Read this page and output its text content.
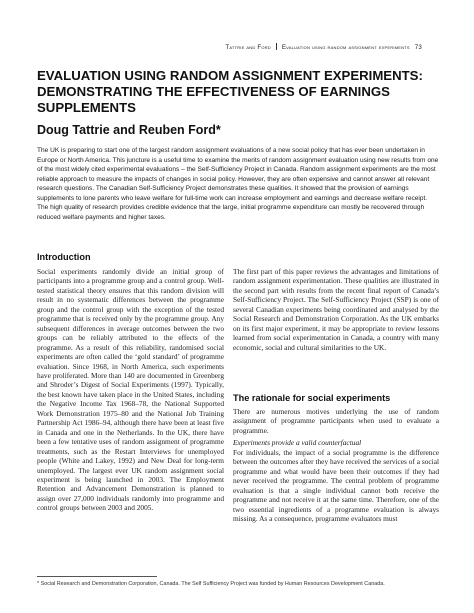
Tattrie and Ford Evaluation using random assignment experiments 73
EVALUATION USING RANDOM ASSIGNMENT EXPERIMENTS: DEMONSTRATING THE EFFECTIVENESS OF EARNINGS SUPPLEMENTS
Doug Tattrie and Reuben Ford*

The UK is preparing to start one of the largest random assignment evaluations of a new social policy that has ever been undertaken in Europe or North America. This juncture is a useful time to examine the merits of random assignment evaluation using new results from one of the most widely cited experimental evaluations – the Self-Sufficiency Project in Canada. Random assignment experiments are the most reliable approach to measure the impacts of changes in social policy. However, they are often expensive and cannot answer all relevant research questions. The Canadian Self-Sufficiency Project demonstrates these qualities. It showed that the provision of earnings supplements to lone parents who leave welfare for full-time work can increase employment and earnings and decrease welfare receipt. The high quality of research provides credible evidence that the large, initial programme expenditure can mostly be recovered through reduced welfare payments and higher taxes.

Introduction

Social experiments randomly divide an initial group of participants into a programme group and a control group. Well-tested statistical theory ensures that this random division will result in no systematic differences between the programme group and the control group with the exception of the tested programme that is received only by the programme group. Any subsequent differences in average outcomes between the two groups can be reliably attributed to the effects of the programme. As a result of this reliability, randomised social experiments are often called the ‘gold standard’ of programme evaluation. Since 1968, in North America, such experiments have proliferated. More than 140 are documented in Greenberg and Shroder’s Digest of Social Experiments (1997). Typically, the best known have taken place in the United States, including the Negative Income Tax 1968–78, the National Supported Work Demonstration 1975–80 and the National Job Training Partnership Act 1986–94, although there have been at least five in Canada and one in the Netherlands. In the UK, there have been a few tentative uses of random assignment of programme treatments, such as the Restart Interviews for unemployed people (White and Lakey, 1992) and New Deal for long-term unemployed. The largest ever UK random assignment social experiment is being launched in 2003. The Employment Retention and Advancement Demonstration is planned to assign over 27,000 individuals randomly into programme and control groups between 2003 and 2005.

The first part of this paper reviews the advantages and limitations of random assignment experimentation. These qualities are illustrated in the second part with results from the recent final report of Canada’s Self-Sufficiency Project. The Self-Sufficiency Project (SSP) is one of several Canadian experiments being coordinated and analysed by the Social Research and Demonstration Corporation. As the UK embarks on its first major experiment, it may be appropriate to review lessons learned from social experimentation in Canada, a country with many economic, social and cultural similarities to the UK.

The rationale for social experiments

There are numerous motives underlying the use of random assignment of programme participants when used to evaluate a programme.

Experiments provide a valid counterfactual

For individuals, the impact of a social programme is the difference between the outcomes after they have received the services of a social programme and what would have been their outcomes if they had never received the programme. The central problem of programme evaluation is that a single individual cannot both receive the programme and not receive it at the same time. Therefore, one of the two essential ingredients of a programme evaluation is always missing. As a consequence, programme evaluators must

* Social Research and Demonstration Corporation, Canada. The Self Sufficiency Project was funded by Human Resources Development Canada.
